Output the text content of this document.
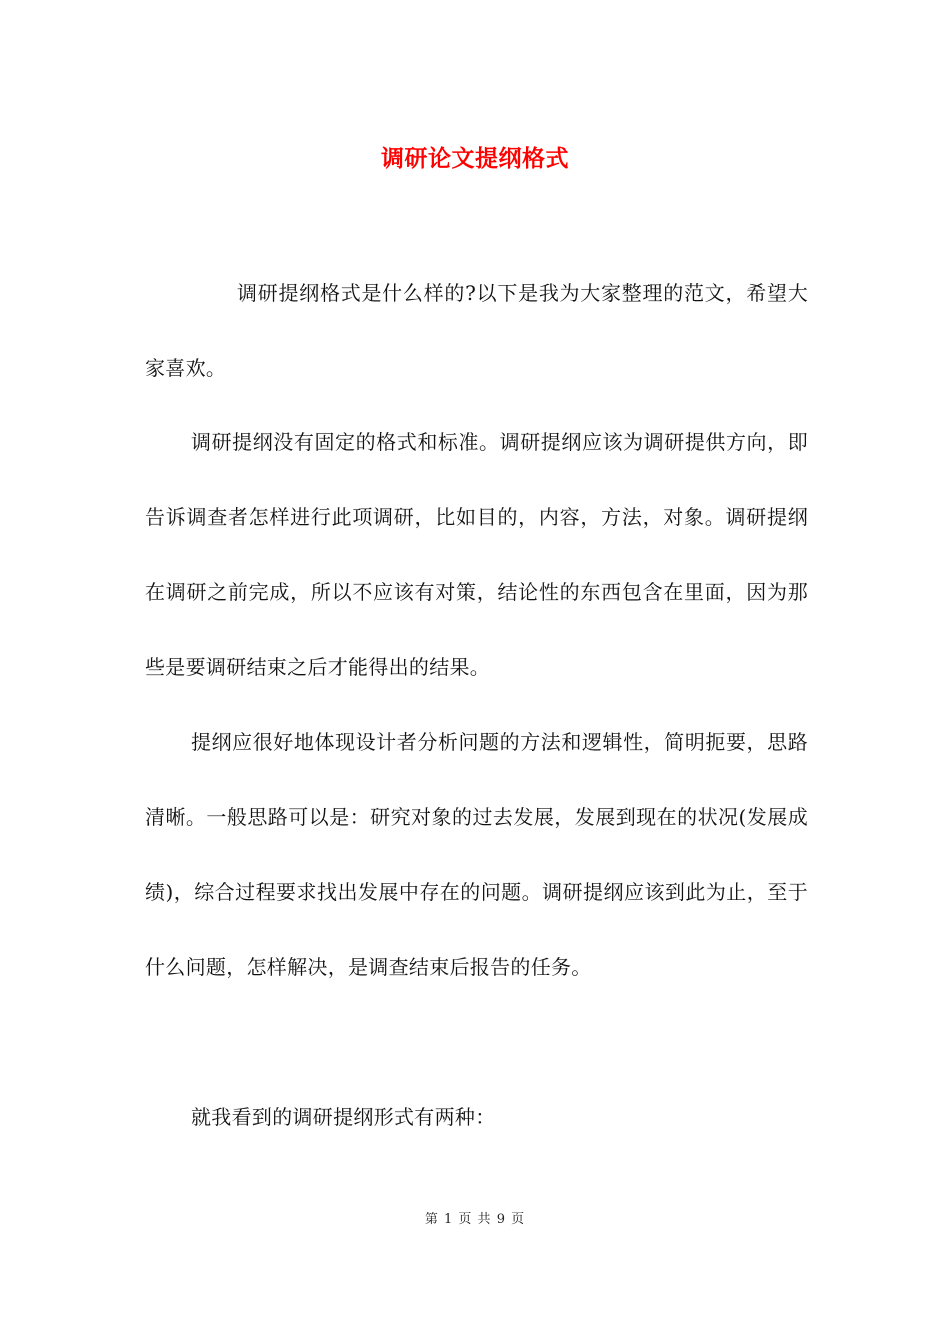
调研论文提纲格式
调研提纲格式是什么样的?以下是我为大家整理的范文，希望大家喜欢。
调研提纲没有固定的格式和标准。调研提纲应该为调研提供方向，即告诉调查者怎样进行此项调研，比如目的，内容，方法，对象。调研提纲在调研之前完成，所以不应该有对策，结论性的东西包含在里面，因为那些是要调研结束之后才能得出的结果。
提纲应很好地体现设计者分析问题的方法和逻辑性，简明扼要，思路清晰。一般思路可以是：研究对象的过去发展，发展到现在的状况(发展成绩)，综合过程要求找出发展中存在的问题。调研提纲应该到此为止，至于什么问题，怎样解决，是调查结束后报告的任务。
就我看到的调研提纲形式有两种：
第 1 页 共 9 页
